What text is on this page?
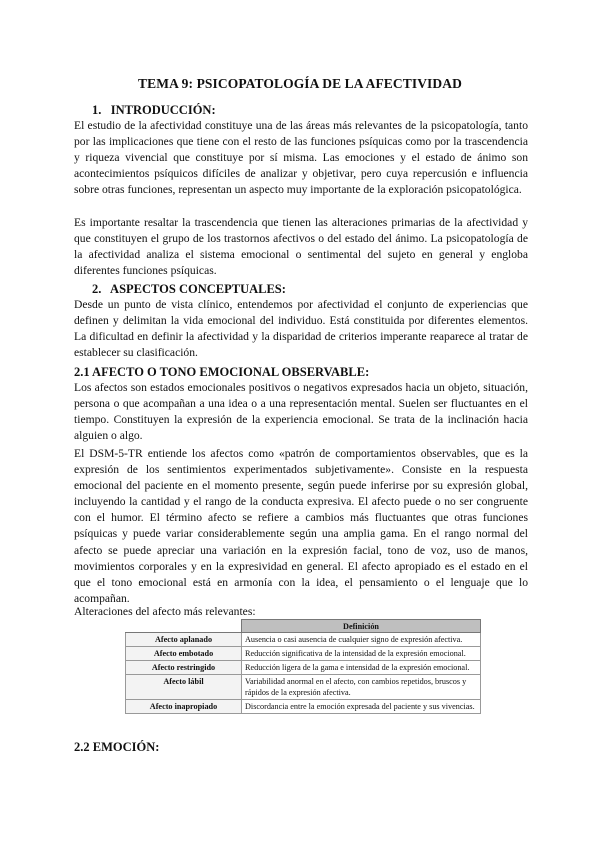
TEMA 9: PSICOPATOLOGÍA DE LA AFECTIVIDAD
1.   INTRODUCCIÓN:
El estudio de la afectividad constituye una de las áreas más relevantes de la psicopatología, tanto por las implicaciones que tiene con el resto de las funciones psíquicas como por la trascendencia y riqueza vivencial que constituye por sí misma. Las emociones y el estado de ánimo son acontecimientos psíquicos difíciles de analizar y objetivar, pero cuya repercusión e influencia sobre otras funciones, representan un aspecto muy importante de la exploración psicopatológica.
Es importante resaltar la trascendencia que tienen las alteraciones primarias de la afectividad y que constituyen el grupo de los trastornos afectivos o del estado del ánimo. La psicopatología de la afectividad analiza el sistema emocional o sentimental del sujeto en general y engloba diferentes funciones psíquicas.
2.   ASPECTOS CONCEPTUALES:
Desde un punto de vista clínico, entendemos por afectividad el conjunto de experiencias que definen y delimitan la vida emocional del individuo. Está constituida por diferentes elementos. La dificultad en definir la afectividad y la disparidad de criterios imperante reaparece al tratar de establecer su clasificación.
2.1 AFECTO O TONO EMOCIONAL OBSERVABLE:
Los afectos son estados emocionales positivos o negativos expresados hacia un objeto, situación, persona o que acompañan a una idea o a una representación mental. Suelen ser fluctuantes en el tiempo. Constituyen la expresión de la experiencia emocional. Se trata de la inclinación hacia alguien o algo.
El DSM-5-TR entiende los afectos como «patrón de comportamientos observables, que es la expresión de los sentimientos experimentados subjetivamente». Consiste en la respuesta emocional del paciente en el momento presente, según puede inferirse por su expresión global, incluyendo la cantidad y el rango de la conducta expresiva. El afecto puede o no ser congruente con el humor. El término afecto se refiere a cambios más fluctuantes que otras funciones psíquicas y puede variar considerablemente según una amplia gama. En el rango normal del afecto se puede apreciar una variación en la expresión facial, tono de voz, uso de manos, movimientos corporales y en la expresividad en general. El afecto apropiado es el estado en el que el tono emocional está en armonía con la idea, el pensamiento o el lenguaje que lo acompañan.
Alteraciones del afecto más relevantes:
	Definición
Afecto aplanado	Ausencia o casi ausencia de cualquier signo de expresión afectiva.
Afecto embotado	Reducción significativa de la intensidad de la expresión emocional.
Afecto restringido	Reducción ligera de la gama e intensidad de la expresión emocional.
Afecto lábil	Variabilidad anormal en el afecto, con cambios repetidos, bruscos y rápidos de la expresión afectiva.
Afecto inapropiado	Discordancia entre la emoción expresada del paciente y sus vivencias.
2.2 EMOCIÓN:
